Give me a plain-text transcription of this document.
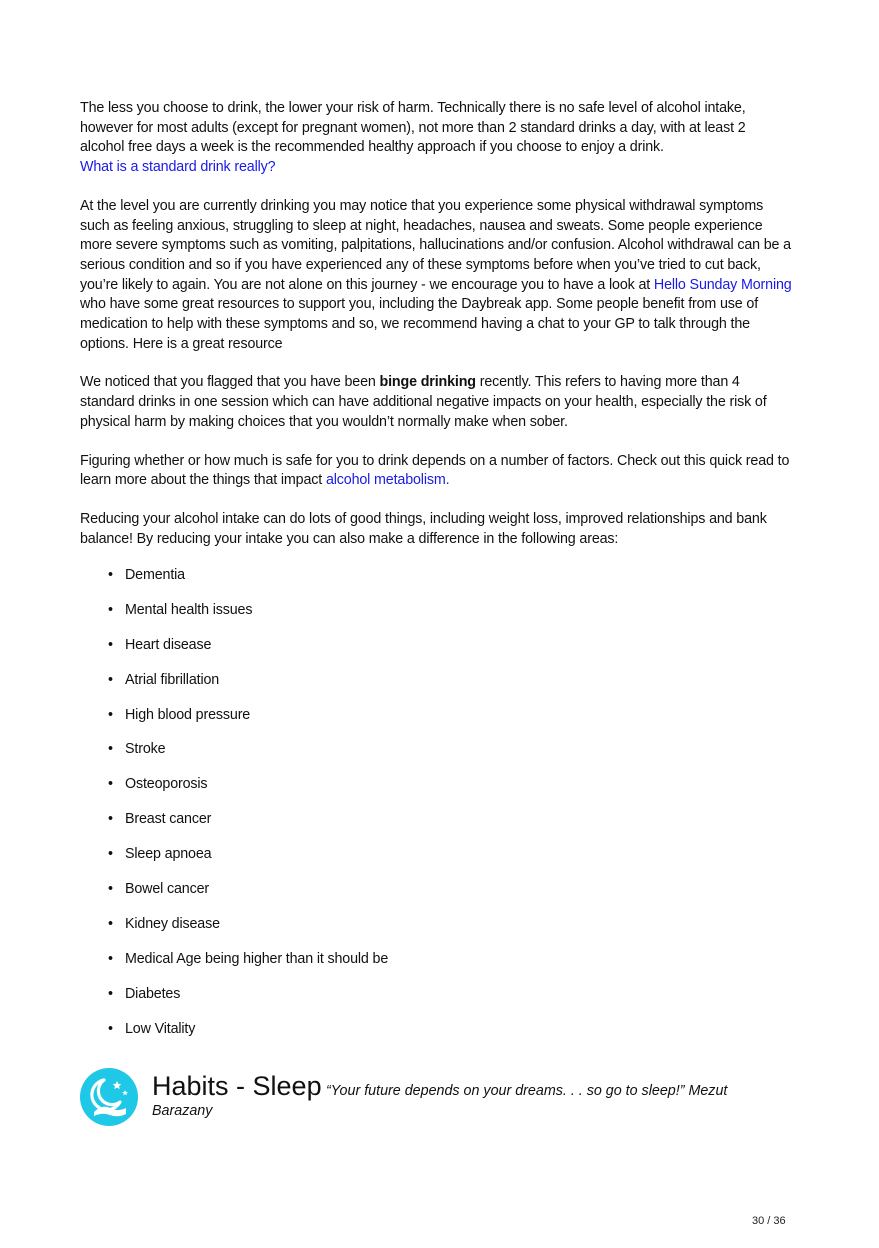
The less you choose to drink, the lower your risk of harm. Technically there is no safe level of alcohol intake, however for most adults (except for pregnant women), not more than 2 standard drinks a day, with at least 2 alcohol free days a week is the recommended healthy approach if you choose to enjoy a drink.
What is a standard drink really?

At the level you are currently drinking you may notice that you experience some physical withdrawal symptoms such as feeling anxious, struggling to sleep at night, headaches, nausea and sweats. Some people experience more severe symptoms such as vomiting, palpitations, hallucinations and/or confusion. Alcohol withdrawal can be a serious condition and so if you have experienced any of these symptoms before when you’ve tried to cut back, you’re likely to again. You are not alone on this journey - we encourage you to have a look at Hello Sunday Morning who have some great resources to support you, including the Daybreak app. Some people benefit from use of medication to help with these symptoms and so, we recommend having a chat to your GP to talk through the options. Here is a great resource

We noticed that you flagged that you have been binge drinking recently. This refers to having more than 4 standard drinks in one session which can have additional negative impacts on your health, especially the risk of physical harm by making choices that you wouldn’t normally make when sober.

Figuring whether or how much is safe for you to drink depends on a number of factors. Check out this quick read to learn more about the things that impact alcohol metabolism.

Reducing your alcohol intake can do lots of good things, including weight loss, improved relationships and bank balance! By reducing your intake you can also make a difference in the following areas:

• Dementia
• Mental health issues
• Heart disease
• Atrial fibrillation
• High blood pressure
• Stroke
• Osteoporosis
• Breast cancer
• Sleep apnoea
• Bowel cancer
• Kidney disease
• Medical Age being higher than it should be
• Diabetes
• Low Vitality
Habits - Sleep “Your future depends on your dreams. . . so go to sleep!” Mezut
Barazany
30 / 36
